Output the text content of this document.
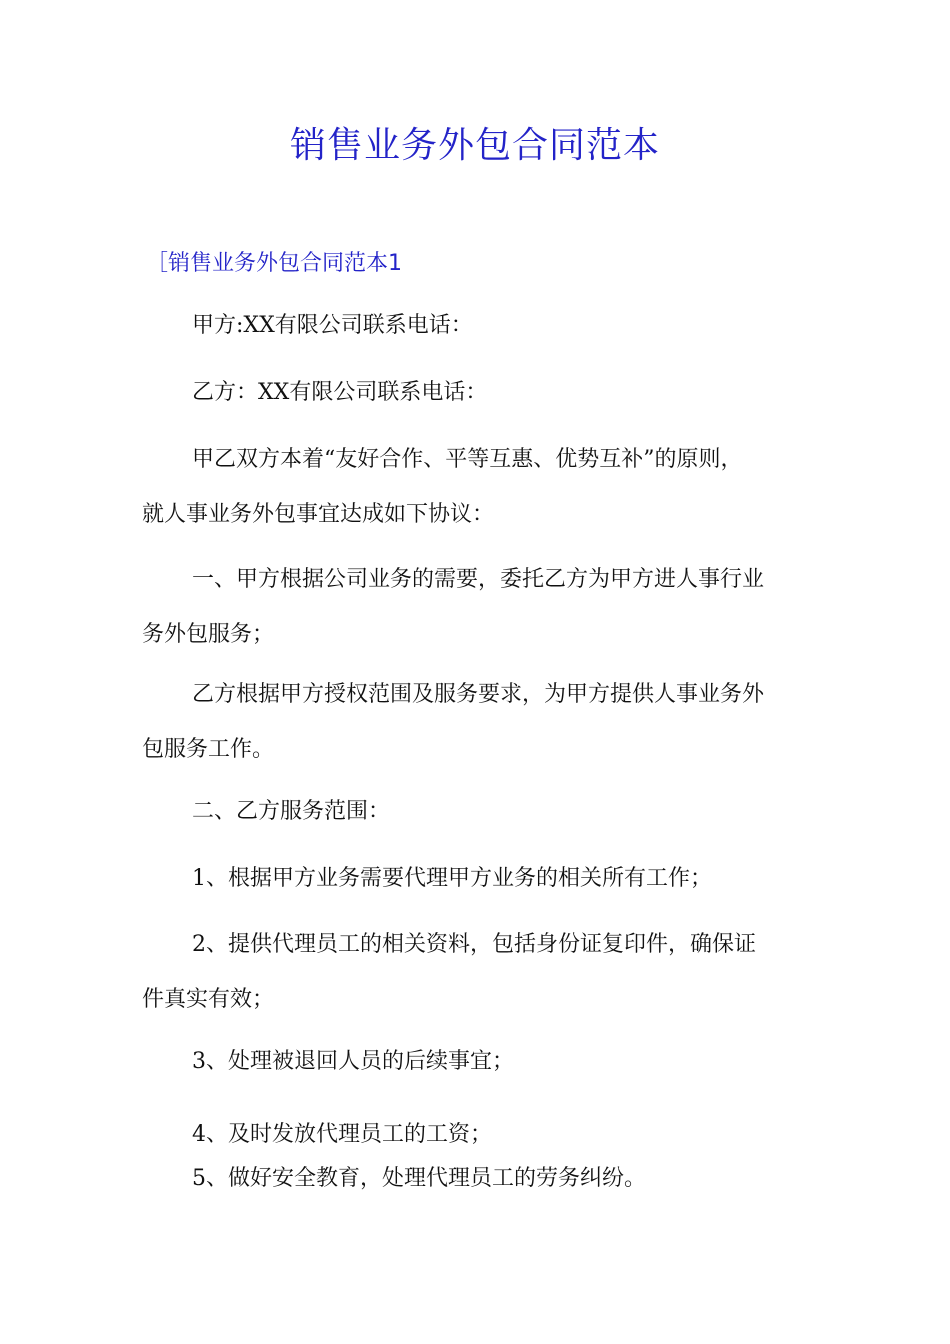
销售业务外包合同范本
［销售业务外包合同范本1

甲方:XX有限公司联系电话：

乙方：XX有限公司联系电话：

甲乙双方本着“友好合作、平等互惠、优势互补”的原则，
就人事业务外包事宜达成如下协议：

一、甲方根据公司业务的需要，委托乙方为甲方进人事行业
务外包服务；

乙方根据甲方授权范围及服务要求，为甲方提供人事业务外
包服务工作。

二、乙方服务范围：

1、根据甲方业务需要代理甲方业务的相关所有工作；

2、提供代理员工的相关资料，包括身份证复印件，确保证
件真实有效；

3、处理被退回人员的后续事宜；

4、及时发放代理员工的工资；

5、做好安全教育，处理代理员工的劳务纠纷。
